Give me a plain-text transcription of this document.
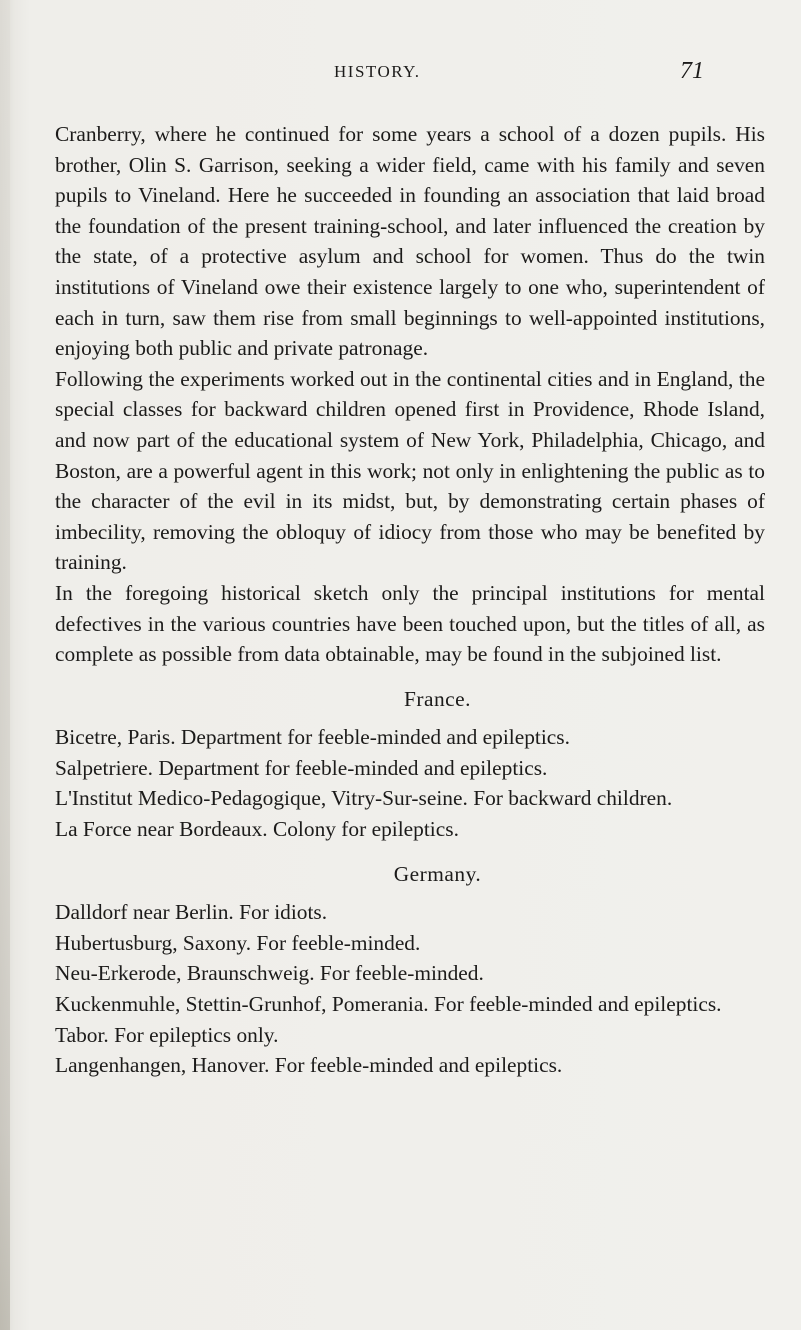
HISTORY.	71

Cranberry, where he continued for some years a school of a dozen pupils. His brother, Olin S. Garrison, seeking a wider field, came with his family and seven pupils to Vineland. Here he succeeded in founding an association that laid broad the foundation of the present training-school, and later influenced the creation by the state, of a protective asylum and school for women. Thus do the twin institutions of Vineland owe their existence largely to one who, superintendent of each in turn, saw them rise from small beginnings to well-appointed institutions, enjoying both public and private patronage.

Following the experiments worked out in the continental cities and in England, the special classes for backward children opened first in Providence, Rhode Island, and now part of the educational system of New York, Philadelphia, Chicago, and Boston, are a powerful agent in this work; not only in enlightening the public as to the character of the evil in its midst, but, by demonstrating certain phases of imbecility, removing the obloquy of idiocy from those who may be benefited by training.

In the foregoing historical sketch only the principal institutions for mental defectives in the various countries have been touched upon, but the titles of all, as complete as possible from data obtainable, may be found in the subjoined list.

France.
Bicetre, Paris. Department for feeble-minded and epileptics.
Salpetriere. Department for feeble-minded and epileptics.
L'Institut Medico-Pedagogique, Vitry-Sur-seine. For backward children.
La Force near Bordeaux. Colony for epileptics.
Germany.
Dalldorf near Berlin. For idiots.
Hubertusburg, Saxony. For feeble-minded.
Neu-Erkerode, Braunschweig. For feeble-minded.
Kuckenmuhle, Stettin-Grunhof, Pomerania. For feeble-minded and epileptics.
Tabor. For epileptics only.
Langenhangen, Hanover. For feeble-minded and epileptics.
